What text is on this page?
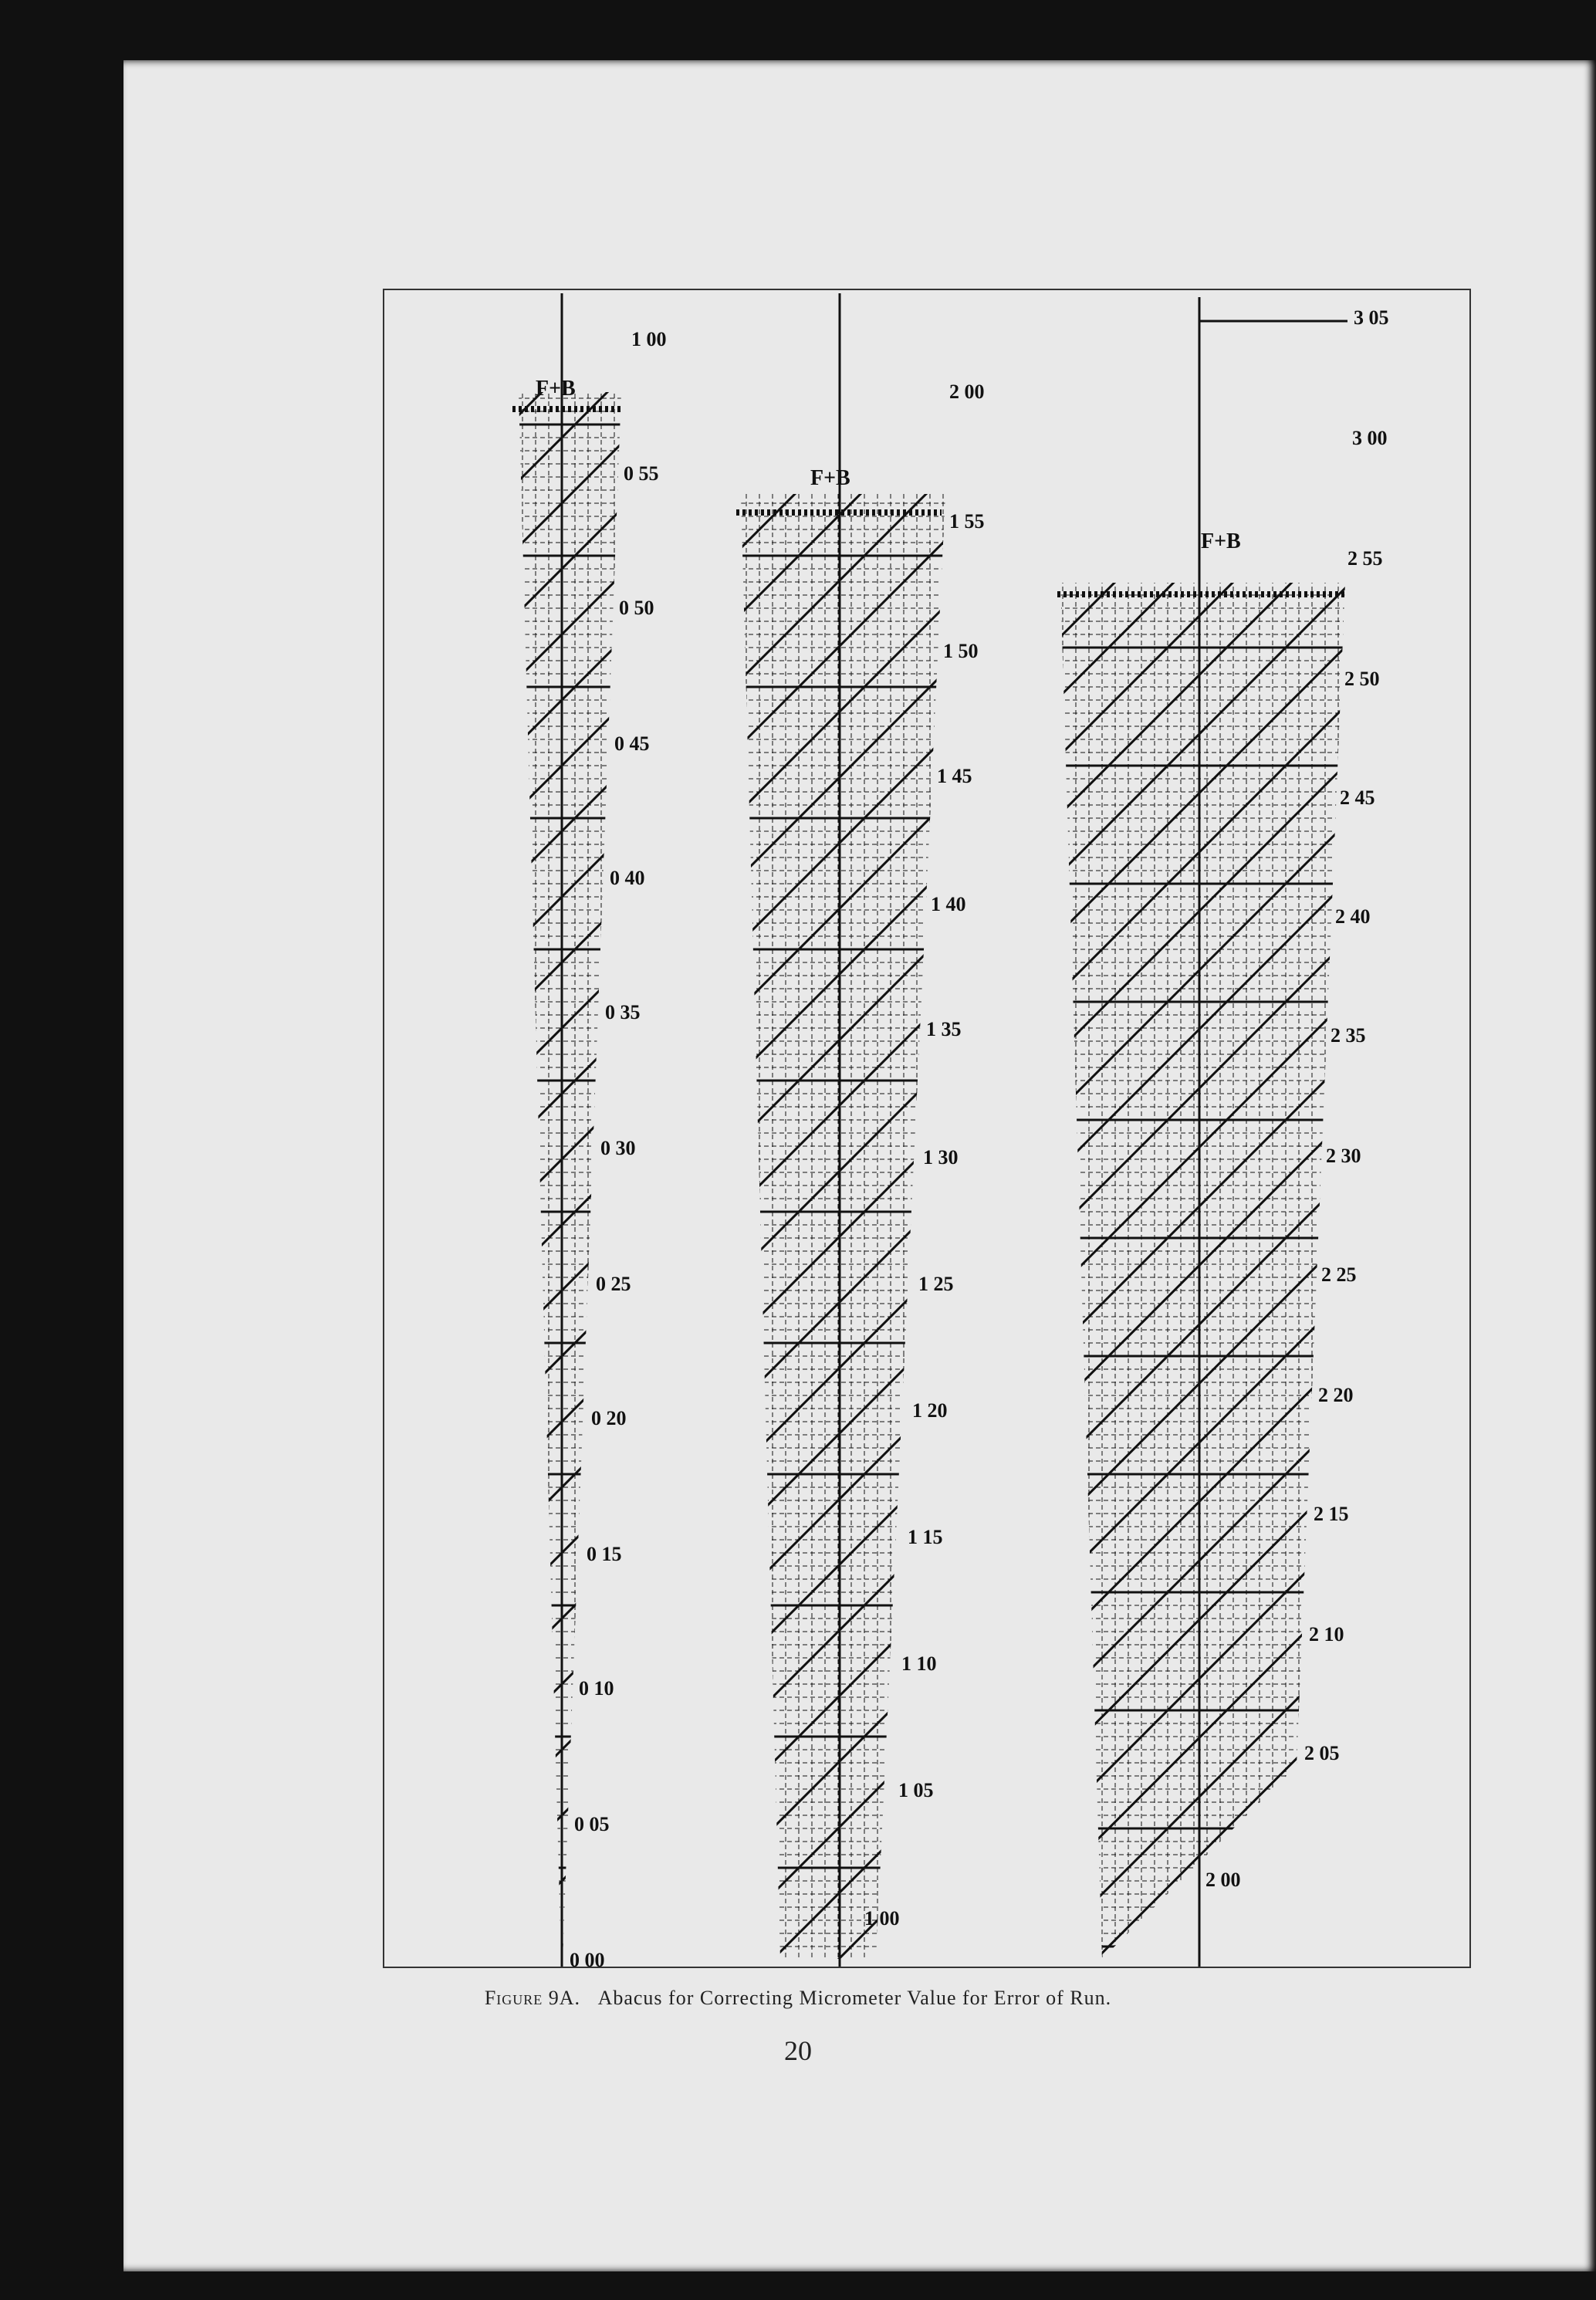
F+B
F+B
F+B
1 00
0 55
0 50
0 45
0 40
0 35
0 30
0 25
0 20
0 15
0 10
0 05
0 00
2 00
1 55
1 50
1 45
1 40
1 35
1 30
1 25
1 20
1 15
1 10
1 05
1 00
3 05
3 00
2 55
2 50
2 45
2 40
2 35
2 30
2 25
2 20
2 15
2 10
2 05
2 00
Figure 9A. Abacus for Correcting Micrometer Value for Error of Run.
20
